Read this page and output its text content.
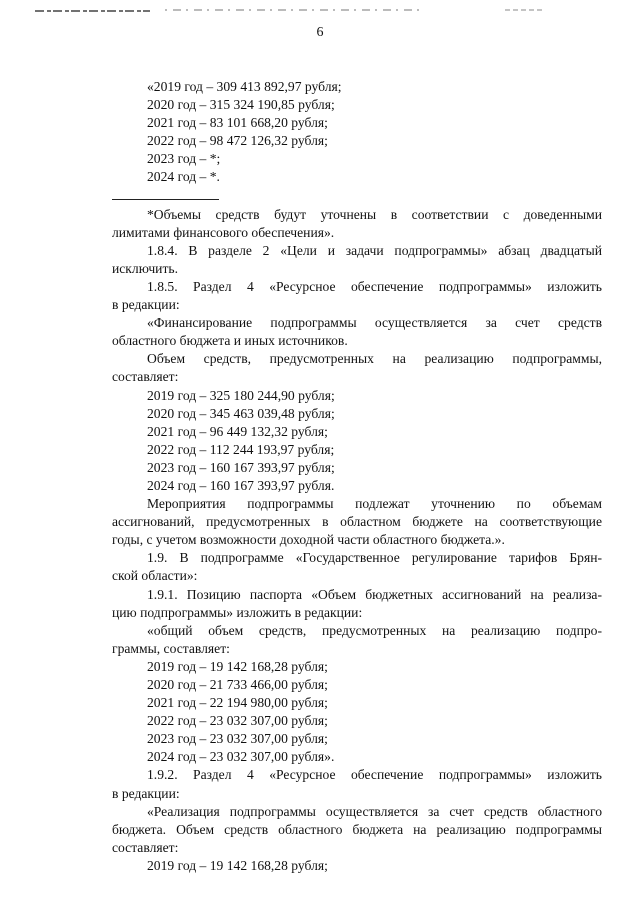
6
«2019 год – 309 413 892,97 рубля;
2020 год – 315 324 190,85 рубля;
2021 год – 83 101 668,20 рубля;
2022 год – 98 472 126,32 рубля;
2023 год – *;
2024 год – *.
*Объемы средств будут уточнены в соответствии с доведенными
лимитами финансового обеспечения».
1.8.4. В разделе 2 «Цели и задачи подпрограммы» абзац двадцатый
исключить.
1.8.5. Раздел 4 «Ресурсное обеспечение подпрограммы» изложить
в редакции:
«Финансирование подпрограммы осуществляется за счет средств
областного бюджета и иных источников.
Объем средств, предусмотренных на реализацию подпрограммы,
составляет:
2019 год – 325 180 244,90 рубля;
2020 год – 345 463 039,48 рубля;
2021 год – 96 449 132,32 рубля;
2022 год – 112 244 193,97 рубля;
2023 год – 160 167 393,97 рубля;
2024 год – 160 167 393,97 рубля.
Мероприятия подпрограммы подлежат уточнению по объемам
ассигнований, предусмотренных в областном бюджете на соответствующие
годы, с учетом возможности доходной части областного бюджета.».
1.9. В подпрограмме «Государственное регулирование тарифов Брян-
ской области»:
1.9.1. Позицию паспорта «Объем бюджетных ассигнований на реализа-
цию подпрограммы» изложить в редакции:
«общий объем средств, предусмотренных на реализацию подпро-
граммы, составляет:
2019 год – 19 142 168,28 рубля;
2020 год – 21 733 466,00 рубля;
2021 год – 22 194 980,00 рубля;
2022 год – 23 032 307,00 рубля;
2023 год – 23 032 307,00 рубля;
2024 год – 23 032 307,00 рубля».
1.9.2. Раздел 4 «Ресурсное обеспечение подпрограммы» изложить
в редакции:
«Реализация подпрограммы осуществляется за счет средств областного
бюджета. Объем средств областного бюджета на реализацию подпрограммы
составляет:
2019 год – 19 142 168,28 рубля;
